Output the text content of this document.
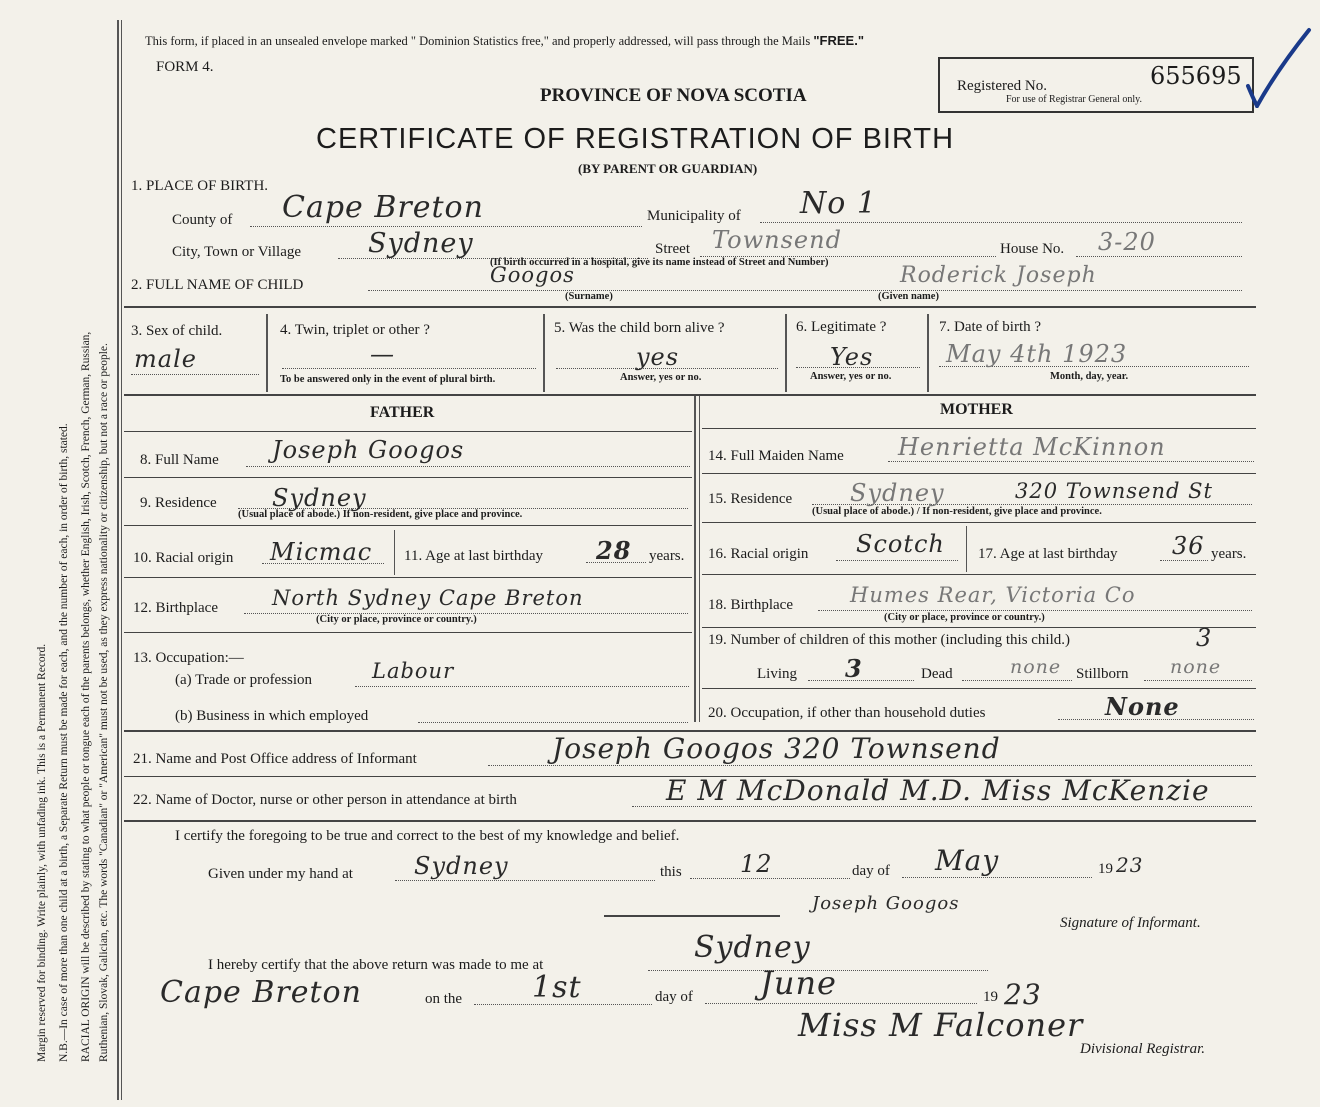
Margin reserved for binding. Write plainly, with unfading ink. This is a Permanent Record. N.B.—In case of more than one child at a birth, a Separate Return must be made for each, and the number of each, in order of birth, stated. RACIAL ORIGIN will be described by stating to what people or tongue each of the parents belongs, whether English, Irish, Scotch, French, German, Russian, Ruthenian, Slovak, Galician, etc. The words "Canadian" or "American" must not be used, as they express nationality or citizenship, but not a race or people.
This form, if placed in an unsealed envelope marked " Dominion Statistics free," and properly addressed, will pass through the Mails "FREE."
FORM 4.
PROVINCE OF NOVA SCOTIA
CERTIFICATE OF REGISTRATION OF BIRTH
(BY PARENT OR GUARDIAN)
Registered No.	655695
For use of Registrar General only.
1. PLACE OF BIRTH.
County of Cape Breton	Municipality of No 1
City, Town or Village Sydney	Street Townsend	House No. 3-20
(If birth occurred in a hospital, give its name instead of Street and Number)
2. FULL NAME OF CHILD	Googos
(Surname)
Roderick Joseph
(Given name)
3. Sex of child.
male
4. Twin, triplet or other ?
—
To be answered only in the event of plural birth.
5. Was the child born alive ?
yes
Answer, yes or no.
6. Legitimate ?
Yes
Answer, yes or no.
7. Date of birth ?
May 4th 1923
Month, day, year.
FATHER	MOTHER
8. Full Name Joseph Googos
9. Residence Sydney
(Usual place of abode.) If non-resident, give place and province.
10. Racial origin Micmac 11. Age at last birthday 28 years.
12. Birthplace	North Sydney Cape Breton
(City or place, province or country.)
13. Occupation:—
(a) Trade or profession	Labour
(b) Business in which employed
14. Full Maiden Name Henrietta McKinnon
15. Residence Sydney	320 Townsend St
(Usual place of abode.) / If non-resident, give place and province.
16. Racial origin Scotch 17. Age at last birthday 36 years.
18. Birthplace	Humes Rear, Victoria Co
(City or place, province or country.)
19. Number of children of this mother (including this child.)	3
Living 3	Dead	none Stillborn none
20. Occupation, if other than household duties	None
21. Name and Post Office address of Informant	Joseph Googos 320 Townsend
22. Name of Doctor, nurse or other person in attendance at birth	E M McDonald M.D. Miss McKenzie
I certify the foregoing to be true and correct to the best of my knowledge and belief.
Given under my hand at	Sydney	this 12	day of May	19 23
Joseph Googos
Signature of Informant.
I hereby certify that the above return was made to me at	Sydney
Cape Breton	on the 1st	day of June	19 23
Miss M Falconer
Divisional Registrar.
